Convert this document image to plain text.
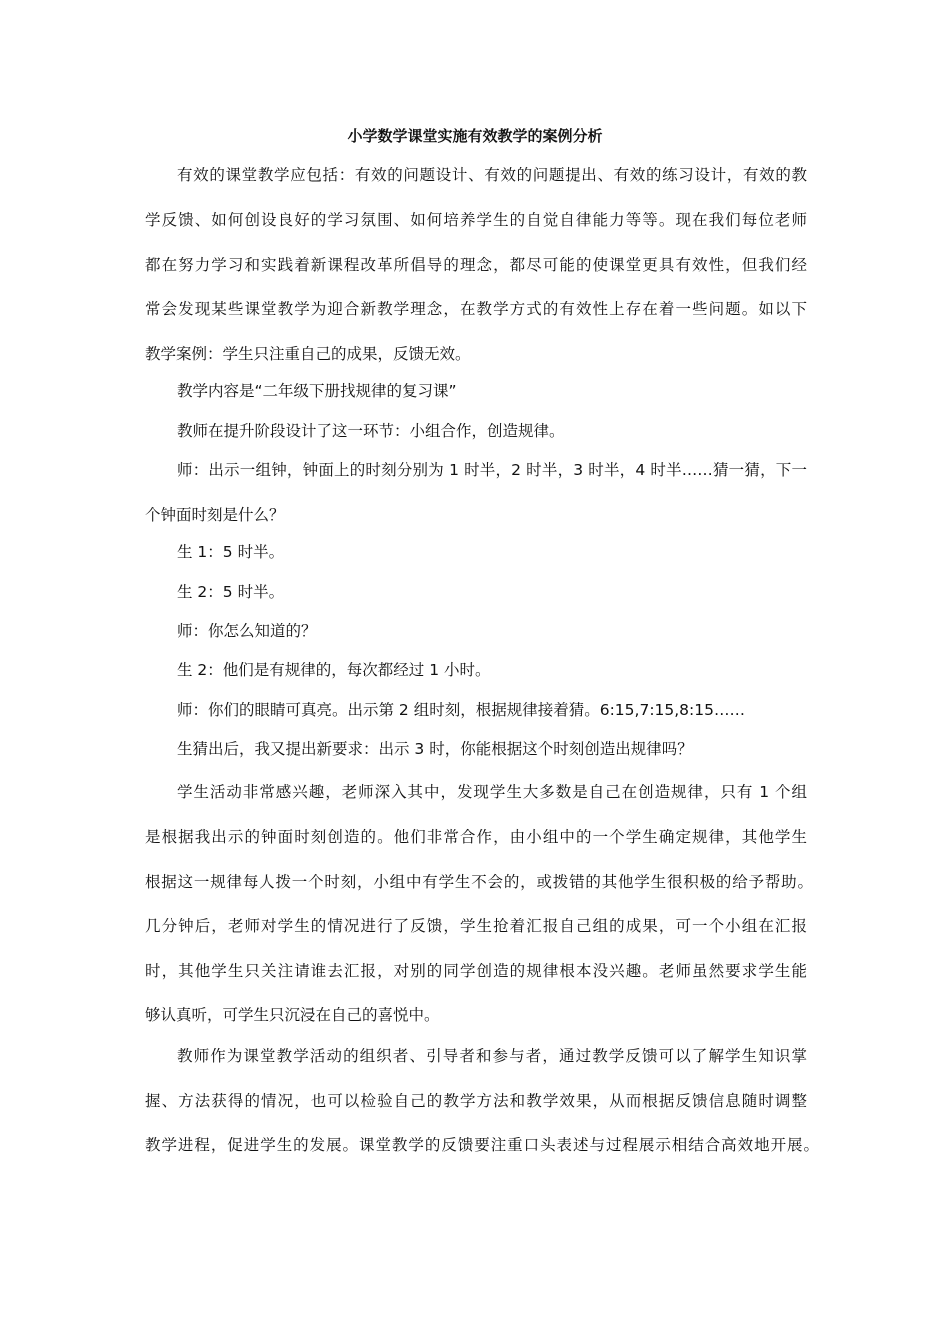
小学数学课堂实施有效教学的案例分析
有效的课堂教学应包括：有效的问题设计、有效的问题提出、有效的练习设计，有效的教
学反馈、如何创设良好的学习氛围、如何培养学生的自觉自律能力等等。现在我们每位老师
都在努力学习和实践着新课程改革所倡导的理念，都尽可能的使课堂更具有效性，但我们经
常会发现某些课堂教学为迎合新教学理念，在教学方式的有效性上存在着一些问题。如以下
教学案例：学生只注重自己的成果，反馈无效。
教学内容是“二年级下册找规律的复习课”
教师在提升阶段设计了这一环节：小组合作，创造规律。
师：出示一组钟，钟面上的时刻分别为 1 时半，2 时半，3 时半，4 时半……猜一猜，下一
个钟面时刻是什么？
生 1：5 时半。
生 2：5 时半。
师：你怎么知道的？
生 2：他们是有规律的，每次都经过 1 小时。
师：你们的眼睛可真亮。出示第 2 组时刻，根据规律接着猜。6:15,7:15,8:15……
生猜出后，我又提出新要求：出示 3 时，你能根据这个时刻创造出规律吗？
学生活动非常感兴趣，老师深入其中，发现学生大多数是自己在创造规律，只有 1 个组
是根据我出示的钟面时刻创造的。他们非常合作，由小组中的一个学生确定规律，其他学生
根据这一规律每人拨一个时刻，小组中有学生不会的，或拨错的其他学生很积极的给予帮助。
几分钟后，老师对学生的情况进行了反馈，学生抢着汇报自己组的成果，可一个小组在汇报
时，其他学生只关注请谁去汇报，对别的同学创造的规律根本没兴趣。老师虽然要求学生能
够认真听，可学生只沉浸在自己的喜悦中。
教师作为课堂教学活动的组织者、引导者和参与者，通过教学反馈可以了解学生知识掌
握、方法获得的情况，也可以检验自己的教学方法和教学效果，从而根据反馈信息随时调整
教学进程，促进学生的发展。课堂教学的反馈要注重口头表述与过程展示相结合高效地开展。
